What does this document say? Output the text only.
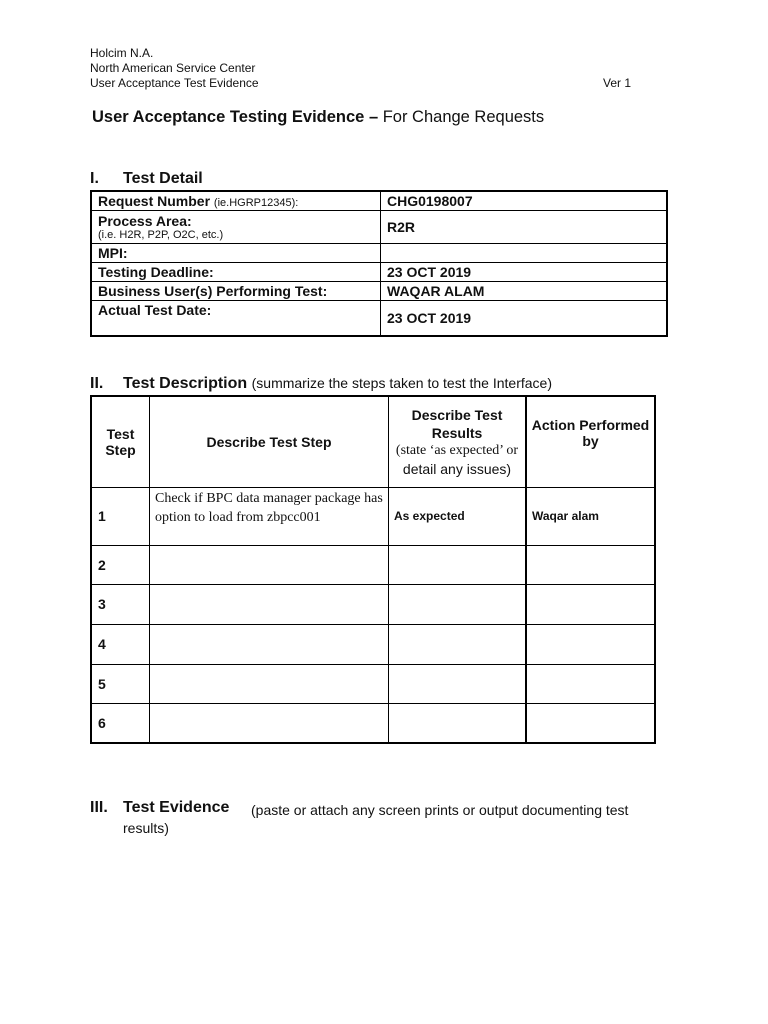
Holcim N.A.
North American Service Center
User Acceptance Test Evidence	Ver 1
User Acceptance Testing Evidence – For Change Requests
I. Test Detail
Request Number (ie.HGRP12345):	CHG0198007
Process Area:
(i.e. H2R, P2P, O2C, etc.)	R2R
MPI:	
Testing Deadline:	23 OCT 2019
Business User(s) Performing Test:	WAQAR ALAM
Actual Test Date:	23 OCT 2019
II. Test Description (summarize the steps taken to test the Interface)
Test Step	Describe Test Step	Describe Test Results
(state ‘as expected’ or
detail any issues)	Action Performed by
1	Check if BPC data manager package has option to load from zbpcc001	As expected	Waqar alam
2			
3			
4			
5			
6			
III. Test Evidence	(paste or attach any screen prints or output documenting test results)
